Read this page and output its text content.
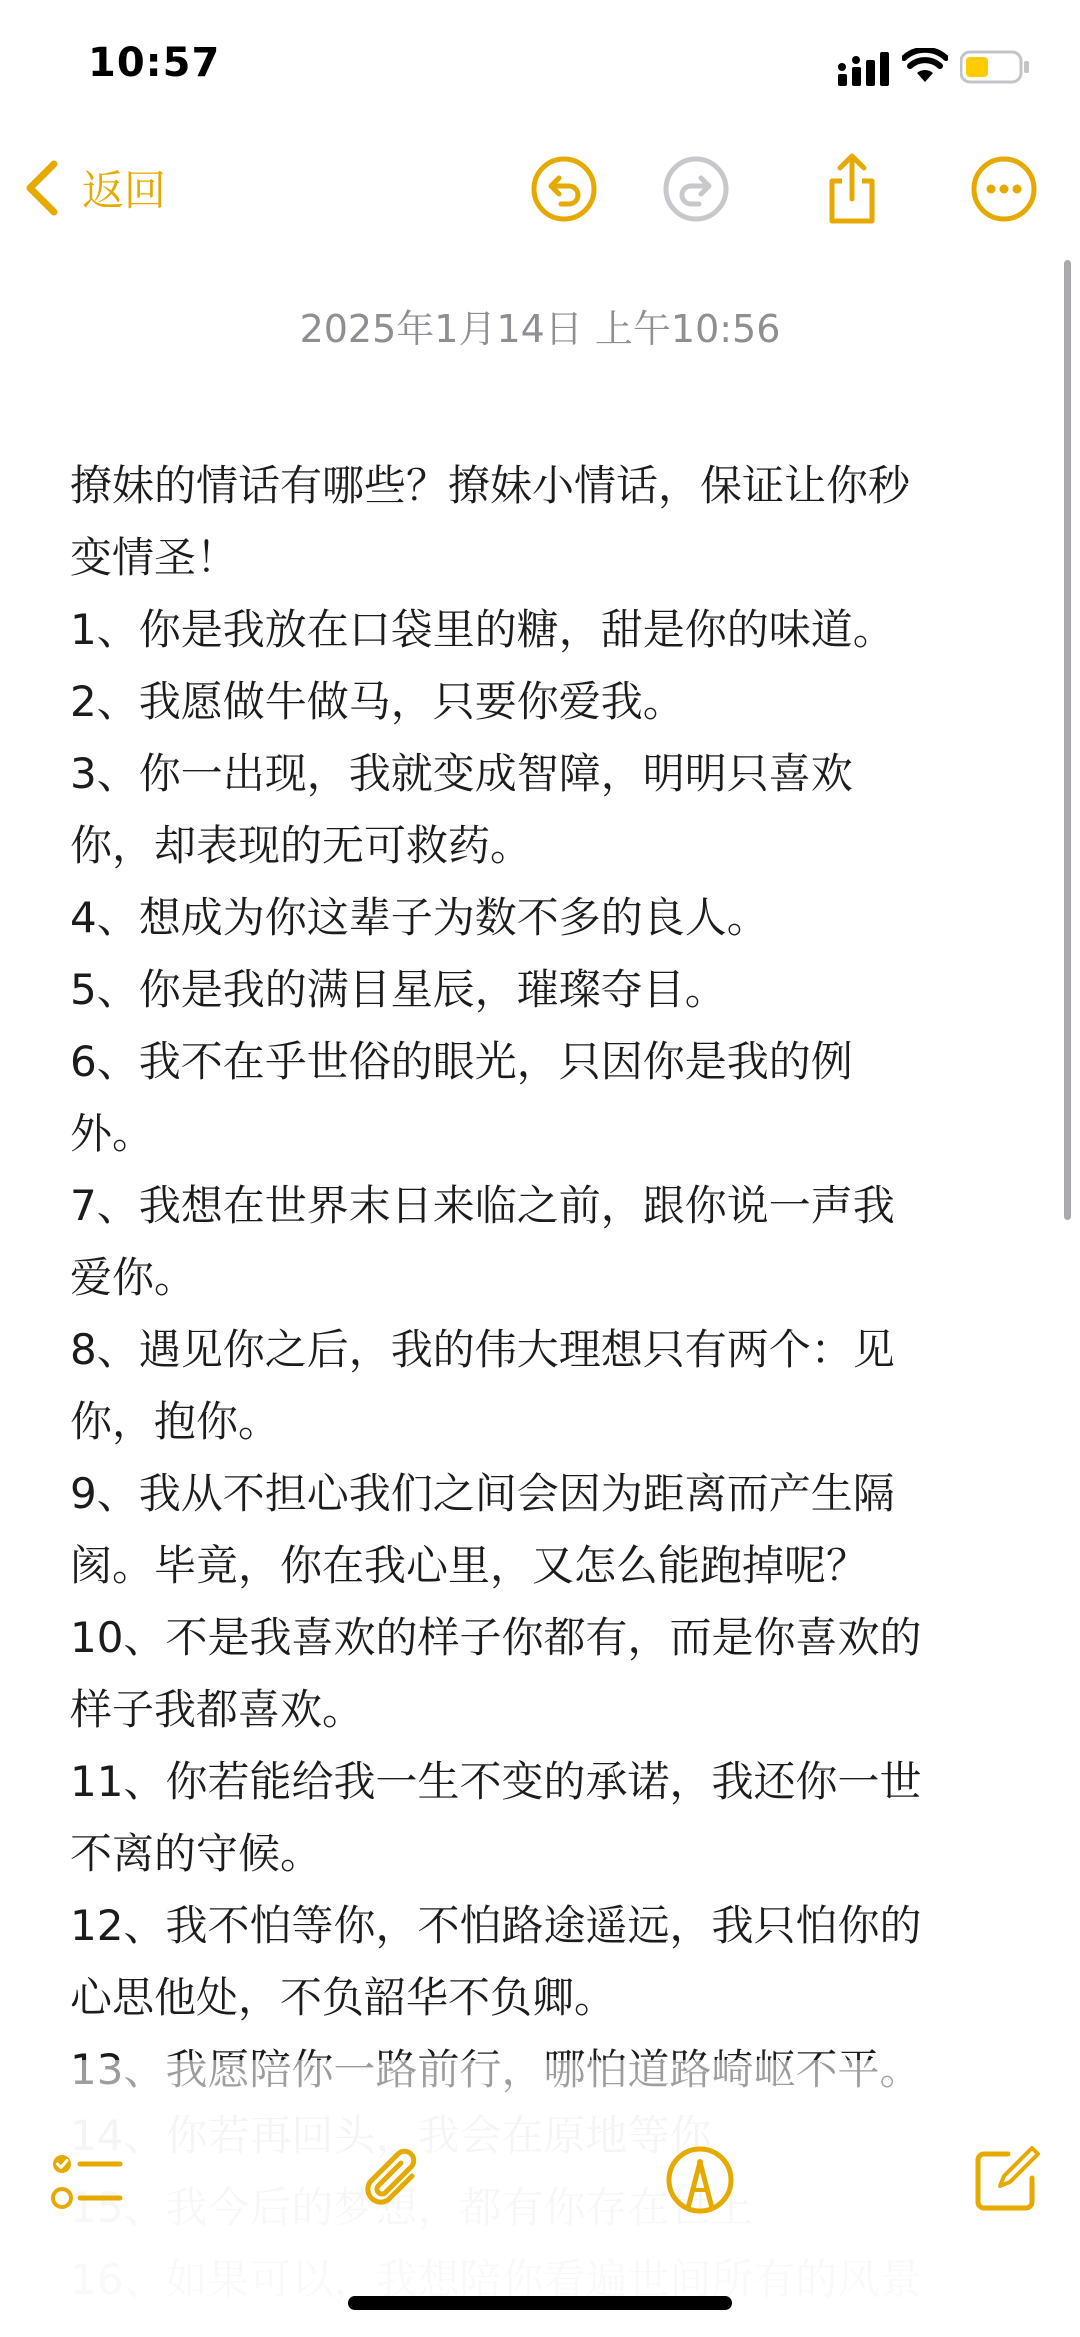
10:57
返回
2025年1月14日 上午10:56
撩妹的情话有哪些？撩妹小情话，保证让你秒
变情圣！
1、你是我放在口袋里的糖，甜是你的味道。
2、我愿做牛做马，只要你爱我。
3、你一出现，我就变成智障，明明只喜欢
你，却表现的无可救药。
4、想成为你这辈子为数不多的良人。
5、你是我的满目星辰，璀璨夺目。
6、我不在乎世俗的眼光，只因你是我的例
外。
7、我想在世界末日来临之前，跟你说一声我
爱你。
8、遇见你之后，我的伟大理想只有两个：见
你，抱你。
9、我从不担心我们之间会因为距离而产生隔
阂。毕竟，你在我心里，又怎么能跑掉呢？
10、不是我喜欢的样子你都有，而是你喜欢的
样子我都喜欢。
11、你若能给我一生不变的承诺，我还你一世
不离的守候。
12、我不怕等你，不怕路途遥远，我只怕你的
心思他处，不负韶华不负卿。
